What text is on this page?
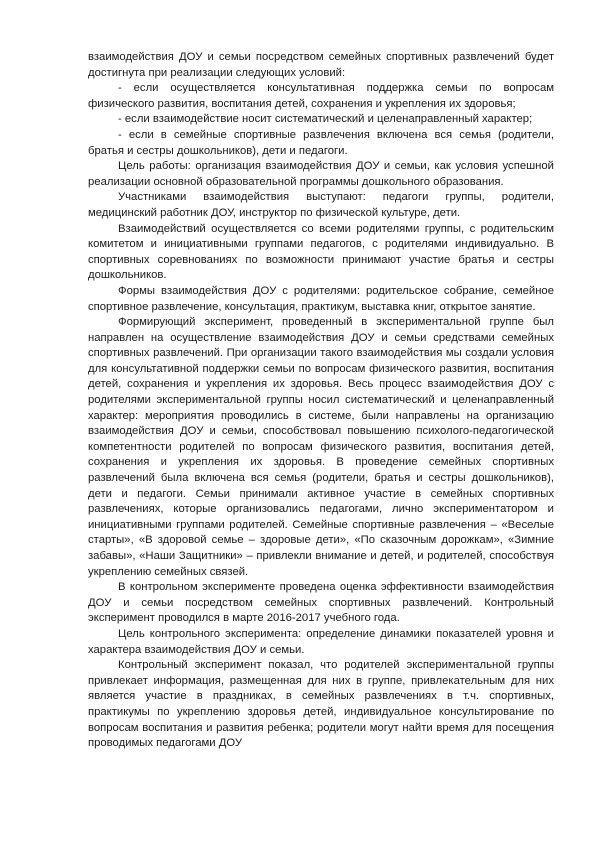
взаимодействия ДОУ и семьи посредством семейных спортивных развлечений будет достигнута при реализации следующих условий:

- если осуществляется консультативная поддержка семьи по вопросам физического развития, воспитания детей, сохранения и укрепления их здоровья;

- если взаимодействие носит систематический и целенаправленный характер;

- если в семейные спортивные развлечения включена вся семья (родители, братья и сестры дошкольников), дети и педагоги.

Цель работы: организация взаимодействия ДОУ и семьи, как условия успешной реализации основной образовательной программы дошкольного образования.

Участниками взаимодействия выступают: педагоги группы, родители, медицинский работник ДОУ, инструктор по физической культуре, дети.

Взаимодействий осуществляется со всеми родителями группы, с родительским комитетом и инициативными группами педагогов, с родителями индивидуально. В спортивных соревнованиях по возможности принимают участие братья и сестры дошкольников.

Формы взаимодействия ДОУ с родителями: родительское собрание, семейное спортивное развлечение, консультация, практикум, выставка книг, открытое занятие.

Формирующий эксперимент, проведенный в экспериментальной группе был направлен на осуществление взаимодействия ДОУ и семьи средствами семейных спортивных развлечений. При организации такого взаимодействия мы создали условия для консультативной поддержки семьи по вопросам физического развития, воспитания детей, сохранения и укрепления их здоровья. Весь процесс взаимодействия ДОУ с родителями экспериментальной группы носил систематический и целенаправленный характер: мероприятия проводились в системе, были направлены на организацию взаимодействия ДОУ и семьи, способствовал повышению психолого-педагогической компетентности родителей по вопросам физического развития, воспитания детей, сохранения и укрепления их здоровья. В проведение семейных спортивных развлечений была включена вся семья (родители, братья и сестры дошкольников), дети и педагоги. Семьи принимали активное участие в семейных спортивных развлечениях, которые организовались педагогами, лично экспериментатором и инициативными группами родителей. Семейные спортивные развлечения – «Веселые старты», «В здоровой семье – здоровые дети», «По сказочным дорожкам», «Зимние забавы», «Наши Защитники» – привлекли внимание и детей, и родителей, способствуя укреплению семейных связей.

В контрольном эксперименте проведена оценка эффективности взаимодействия ДОУ и семьи посредством семейных спортивных развлечений. Контрольный эксперимент проводился в марте 2016-2017 учебного года.

Цель контрольного эксперимента: определение динамики показателей уровня и характера взаимодействия ДОУ и семьи.

Контрольный эксперимент показал, что родителей экспериментальной группы привлекает информация, размещенная для них в группе, привлекательным для них является участие в праздниках, в семейных развлечениях в т.ч. спортивных, практикумы по укреплению здоровья детей, индивидуальное консультирование по вопросам воспитания и развития ребенка; родители могут найти время для посещения проводимых педагогами ДОУ
